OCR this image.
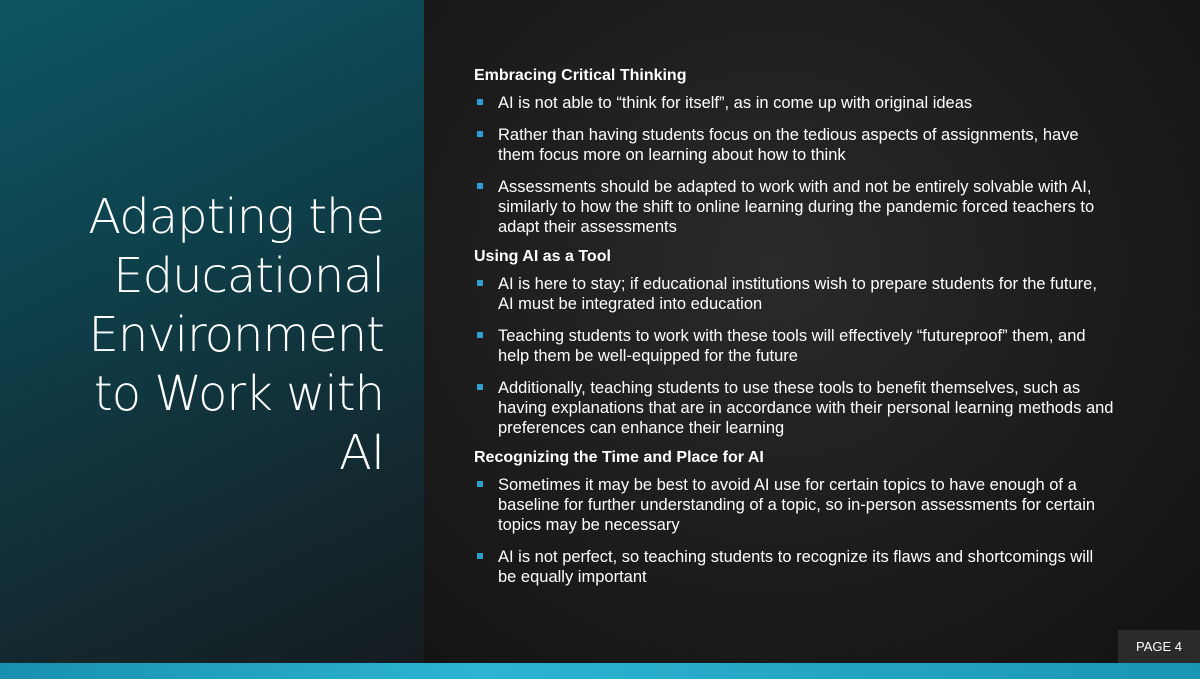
Adapting the
Educational
Environment
to Work with
AI
Embracing Critical Thinking
AI is not able to “think for itself”, as in come up with original ideas
Rather than having students focus on the tedious aspects of assignments, have them focus more on learning about how to think
Assessments should be adapted to work with and not be entirely solvable with AI, similarly to how the shift to online learning during the pandemic forced teachers to adapt their assessments
Using AI as a Tool
AI is here to stay; if educational institutions wish to prepare students for the future, AI must be integrated into education
Teaching students to work with these tools will effectively “futureproof” them, and help them be well-equipped for the future
Additionally, teaching students to use these tools to benefit themselves, such as having explanations that are in accordance with their personal learning methods and preferences can enhance their learning
Recognizing the Time and Place for AI
Sometimes it may be best to avoid AI use for certain topics to have enough of a baseline for further understanding of a topic, so in-person assessments for certain topics may be necessary
AI is not perfect, so teaching students to recognize its flaws and shortcomings will be equally important
PAGE 4
